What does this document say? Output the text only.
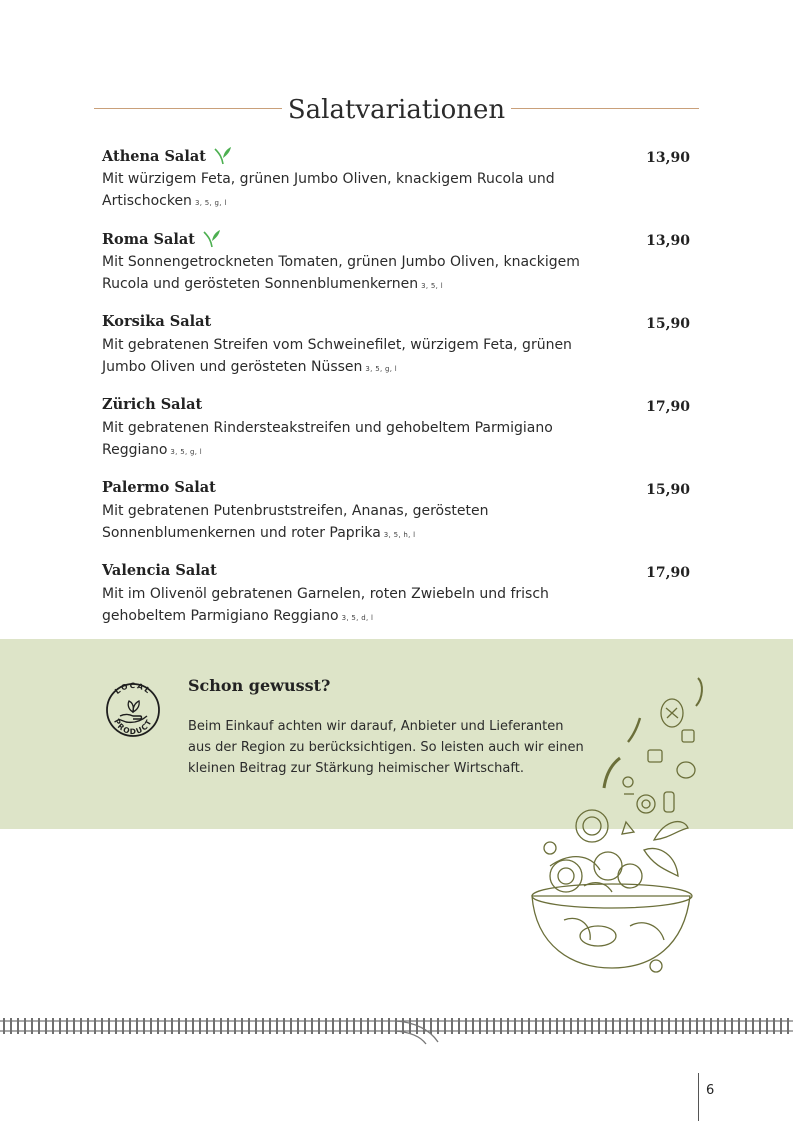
Salatvariationen
Athena Salat	13,90
Mit würzigem Feta, grünen Jumbo Oliven, knackigem Rucola und Artischocken 3, 5, g, l
Roma Salat	13,90
Mit Sonnengetrockneten Tomaten, grünen Jumbo Oliven, knackigem Rucola und gerösteten Sonnenblumenkernen 3, 5, l
Korsika Salat	15,90
Mit gebratenen Streifen vom Schweinefilet, würzigem Feta, grünen Jumbo Oliven und gerösteten Nüssen 3, 5, g, l
Zürich Salat	17,90
Mit gebratenen Rindersteakstreifen und gehobeltem Parmigiano Reggiano 3, 5, g, l
Palermo Salat	15,90
Mit gebratenen Putenbruststreifen, Ananas, gerösteten Sonnenblumenkernen und roter Paprika 3, 5, h, l
Valencia Salat	17,90
Mit im Olivenöl gebratenen Garnelen, roten Zwiebeln und frisch gehobeltem Parmigiano Reggiano 3, 5, d, l
LOCAL
PRODUCT
Schon gewusst?
Beim Einkauf achten wir darauf, Anbieter und Lieferanten aus der Region zu berücksichtigen. So leisten auch wir einen kleinen Beitrag zur Stärkung heimischer Wirtschaft.
6
